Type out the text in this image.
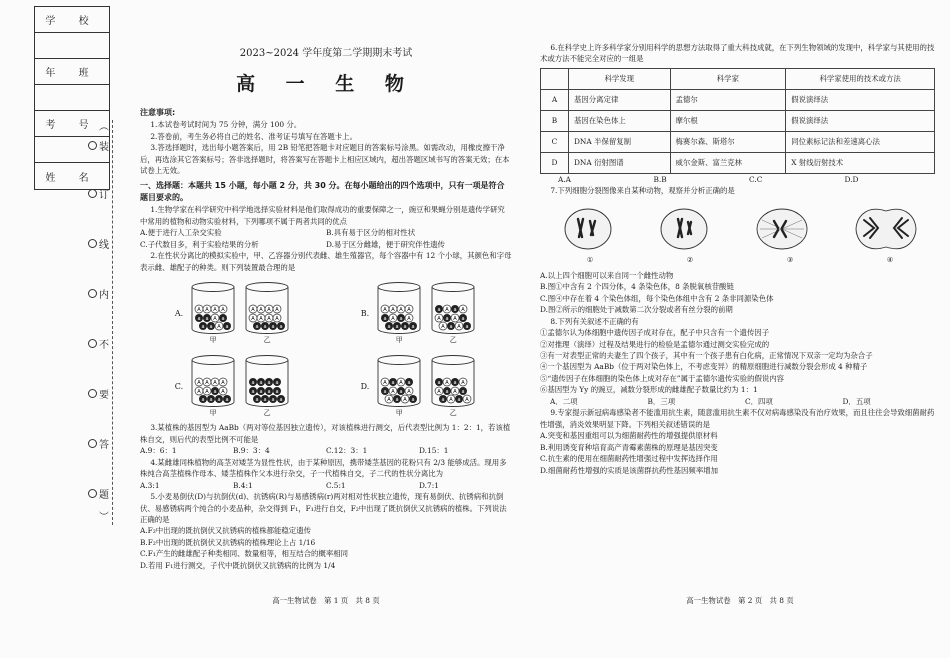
学 校
年 班
考 号
姓 名
︵
装
订
线
内
不
要
答
题
︶
2023~2024 学年度第二学期期末考试
高 一 生 物
注意事项:
1.本试卷考试时间为 75 分钟，满分 100 分。
2.答卷前，考生务必将自己的姓名、准考证号填写在答题卡上。
3.答选择题时，选出每小题答案后，用 2B 铅笔把答题卡对应题目的答案标号涂黑。如需改动，用橡皮擦干净后，再选涂其它答案标号；答非选择题时，将答案写在答题卡上相应区域内，超出答题区域书写的答案无效；在本试卷上无效。
一、选择题：本题共 15 小题，每小题 2 分，共 30 分。在每小题给出的四个选项中，只有一项是符合题目要求的。
1.生物学家在科学研究中科学地选择实验材料是他们取得成功的重要保障之一，豌豆和果蝇分别是遗传学研究中常用的植物和动物实验材料，下列哪项不属于两者共同的优点
A.便于进行人工杂交实验	B.具有易于区分的相对性状
C.子代数目多，利于实验结果的分析	D.易于区分雌雄，便于研究伴性遗传
2.在性状分离比的模拟实验中，甲、乙容器分别代表雌、雄生殖器官，每个容器中有 12 个小球，其颜色和字母表示雌、雄配子的种类。则下列装置最合理的是
A.	A A A A
a a A a
a a A a
甲
A A A A
A A A A
a a a a
乙
B.	A A A A
a A a A
a a a a
甲
a A a A
A a A a
A a A a
乙
C.	A A A A
A A a A
a a a a
甲
a a a a
a a a a
a a a a
乙
D.	A a A a
a A a A
A a A a
甲
a A a A
A a A a
a A a A
乙
3.某植株的基因型为 AaBb（两对等位基因独立遗传），对该植株进行测交，后代表型比例为 1：2：1，若该植株自交，则后代的表型比例不可能是
A.9：6：1	B.9：3：4	C.12：3：1	D.15：1
4.某雌雄同株植物的高茎对矮茎为显性性状，由于某种原因，携带矮茎基因的花粉只有 2/3 能够成活。现用多株纯合高茎植株作母本、矮茎植株作父本进行杂交，子一代植株自交，子二代的性状分离比为
A.3:1	B.4:1	C.5:1	D.7:1
5.小麦易倒伏(D)与抗倒伏(d)、抗锈病(R)与易感锈病(r)两对相对性状独立遗传，现有易倒伏、抗锈病和抗倒伏、易感锈病两个纯合的小麦品种，杂交得到 F₁，F₁进行自交，F₂中出现了既抗倒伏又抗锈病的植株。下列说法正确的是
A.F₂中出现的既抗倒伏又抗锈病的植株都能稳定遗传
B.F₂中出现的既抗倒伏又抗锈病的植株理论上占 1/16
C.F₁产生的雌雄配子种类相同、数量相等，相互结合的概率相同
D.若用 F₁进行测交，子代中既抗倒伏又抗锈病的比例为 1/4
高一生物试卷　第 1 页　共 8 页
6.在科学史上许多科学家分别用科学的思想方法取得了重大科技成就，在下列生物领域的发现中，科学家与其使用的技术或方法不能完全对应的一组是
	科学发现	科学家	科学家使用的技术或方法
A	基因分离定律	孟德尔	假说演绎法
B	基因在染色体上	摩尔根	假说演绎法
C	DNA 半保留复制	梅赛尔森、斯塔尔	同位素标记法和差速离心法
D	DNA 衍射图谱	威尔金斯、富兰克林	X 射线衍射技术
A.A	B.B	C.C	D.D
7.下列细胞分裂图像来自某种动物，观察并分析正确的是
①	②	③	④
A.以上四个细胞可以来自同一个雌性动物
B.图①中含有 2 个四分体，4 条染色体，8 条脱氧核苷酸链
C.图④中存在着 4 个染色体组，每个染色体组中含有 2 条非同源染色体
D.图②所示的细胞处于减数第二次分裂或者有丝分裂的前期
8.下列有关叙述不正确的有
①孟德尔认为体细胞中遗传因子成对存在，配子中只含有一个遗传因子
②对推理（演绎）过程及结果进行的检验是孟德尔通过测交实验完成的
③有一对表型正常的夫妻生了四个孩子，其中有一个孩子患有白化病，正常情况下双亲一定均为杂合子
④一个基因型为 AaBb（位于两对染色体上，不考虑变异）的精原细胞进行减数分裂会形成 4 种精子
⑤“遗传因子在体细胞的染色体上成对存在”属于孟德尔遗传实验的假说内容
⑥基因型为 Yy 的豌豆，减数分裂形成的雌雄配子数量比约为 1：1
A．二项	B．三项	C．四项	D．五项
9.专家提示新冠病毒感染者不能滥用抗生素，随意滥用抗生素不仅对病毒感染没有治疗效果，而且往往会导致细菌耐药性增强，消炎效果明显下降。下列相关叙述错误的是
A.突变和基因重组可以为细菌耐药性的增强提供原材料
B.利用诱变育种培育高产青霉素菌株的原理是基因突变
C.抗生素的使用在细菌耐药性增强过程中发挥选择作用
D.细菌耐药性增强的实质是该菌群抗药性基因频率增加
高一生物试卷　第 2 页　共 8 页
